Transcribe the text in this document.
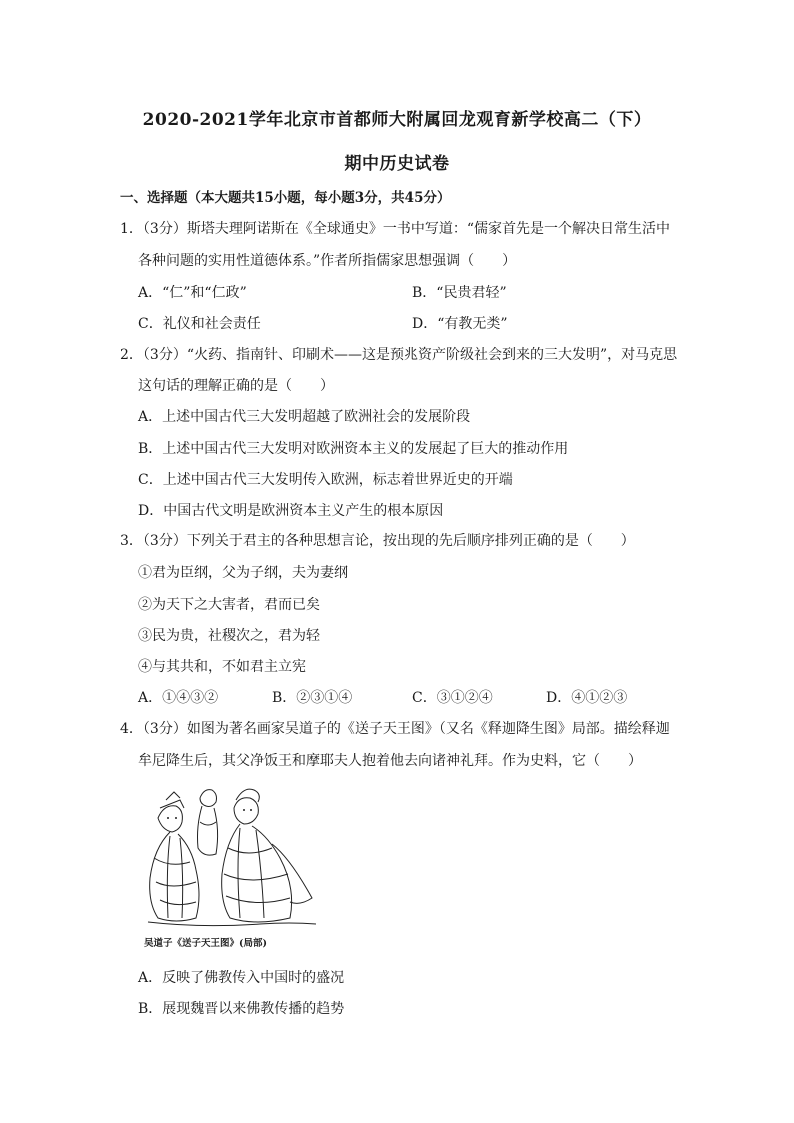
2020-2021学年北京市首都师大附属回龙观育新学校高二（下）
期中历史试卷
一、选择题（本大题共15小题，每小题3分，共45分）
1．（3分）斯塔夫理阿诺斯在《全球通史》一书中写道：“儒家首先是一个解决日常生活中
各种问题的实用性道德体系。”作者所指儒家思想强调（　　）
A．“仁”和“仁政”	B．“民贵君轻”
C．礼仪和社会责任	D．“有教无类”
2．（3分）“火药、指南针、印刷术——这是预兆资产阶级社会到来的三大发明”，对马克思
这句话的理解正确的是（　　）
A．上述中国古代三大发明超越了欧洲社会的发展阶段
B．上述中国古代三大发明对欧洲资本主义的发展起了巨大的推动作用
C．上述中国古代三大发明传入欧洲，标志着世界近史的开端
D．中国古代文明是欧洲资本主义产生的根本原因
3．（3分）下列关于君主的各种思想言论，按出现的先后顺序排列正确的是（　　）
①君为臣纲，父为子纲，夫为妻纲
②为天下之大害者，君而已矣
③民为贵，社稷次之，君为轻
④与其共和，不如君主立宪
A．①④③②	B．②③①④	C．③①②④	D．④①②③
4．（3分）如图为著名画家吴道子的《送子天王图》（又名《释迦降生图》局部。描绘释迦
牟尼降生后，其父净饭王和摩耶夫人抱着他去向诸神礼拜。作为史料，它（　　）
吴道子《送子天王图》(局部)
A．反映了佛教传入中国时的盛况
B．展现魏晋以来佛教传播的趋势
